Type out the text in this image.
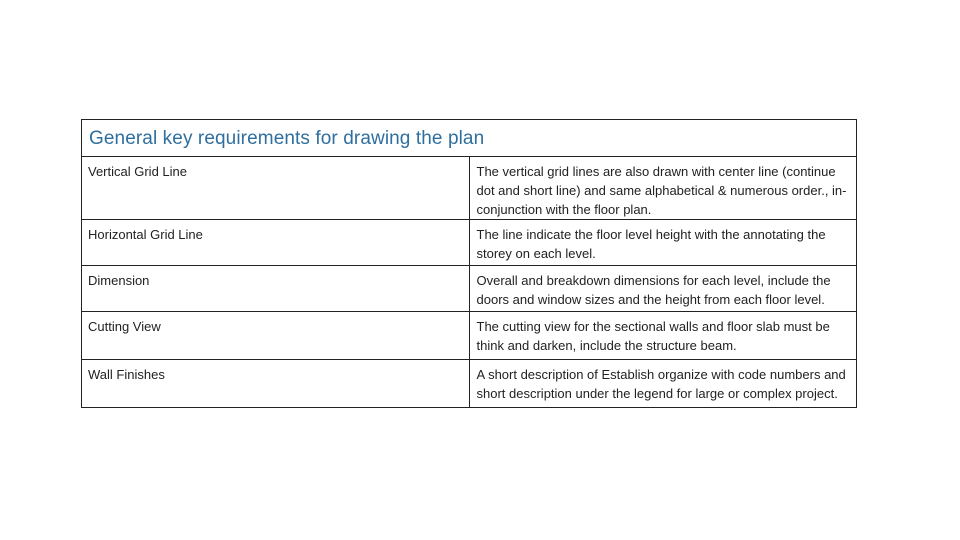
General key requirements for drawing the plan	
Vertical Grid Line	The vertical grid lines are also drawn with center line (continue dot and short line) and same alphabetical & numerous order., in-conjunction with the floor plan.
Horizontal Grid Line	The line indicate the floor level height with the annotating the storey on each level.
Dimension	Overall and breakdown dimensions for each level, include the doors and window sizes and the height from each floor level.
Cutting View	The cutting view for the sectional walls and floor slab must be think and darken, include the structure beam.
Wall Finishes	A short description of Establish organize with code numbers and short description under the legend for large or complex project.
